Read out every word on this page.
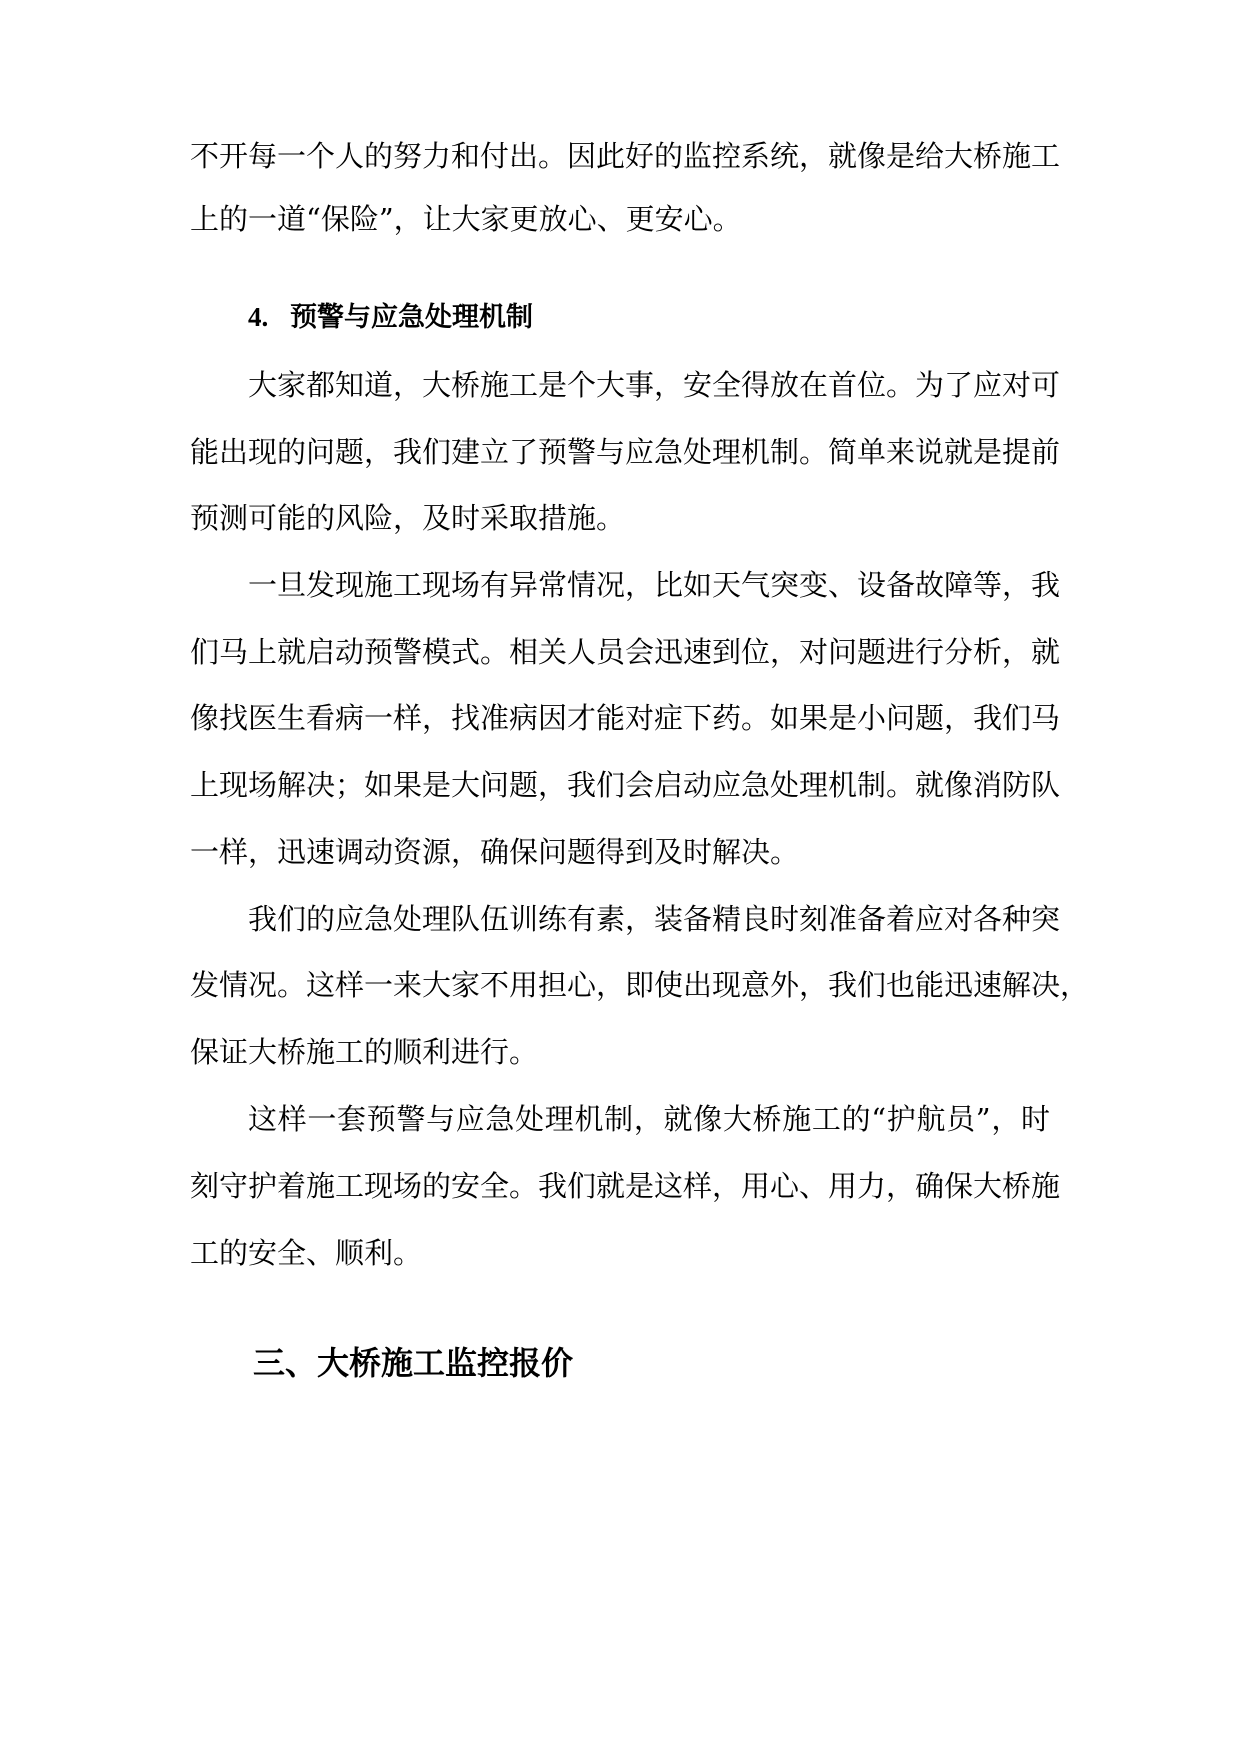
不开每一个人的努力和付出。因此好的监控系统，就像是给大桥施工
上的一道“保险”，让大家更放心、更安心。
4. 预警与应急处理机制
大家都知道，大桥施工是个大事，安全得放在首位。为了应对可
能出现的问题，我们建立了预警与应急处理机制。简单来说就是提前
预测可能的风险，及时采取措施。
一旦发现施工现场有异常情况，比如天气突变、设备故障等，我
们马上就启动预警模式。相关人员会迅速到位，对问题进行分析，就
像找医生看病一样，找准病因才能对症下药。如果是小问题，我们马
上现场解决；如果是大问题，我们会启动应急处理机制。就像消防队
一样，迅速调动资源，确保问题得到及时解决。
我们的应急处理队伍训练有素，装备精良时刻准备着应对各种突
发情况。这样一来大家不用担心，即使出现意外，我们也能迅速解决，
保证大桥施工的顺利进行。
这样一套预警与应急处理机制，就像大桥施工的“护航员”，时
刻守护着施工现场的安全。我们就是这样，用心、用力，确保大桥施
工的安全、顺利。
三、大桥施工监控报价
